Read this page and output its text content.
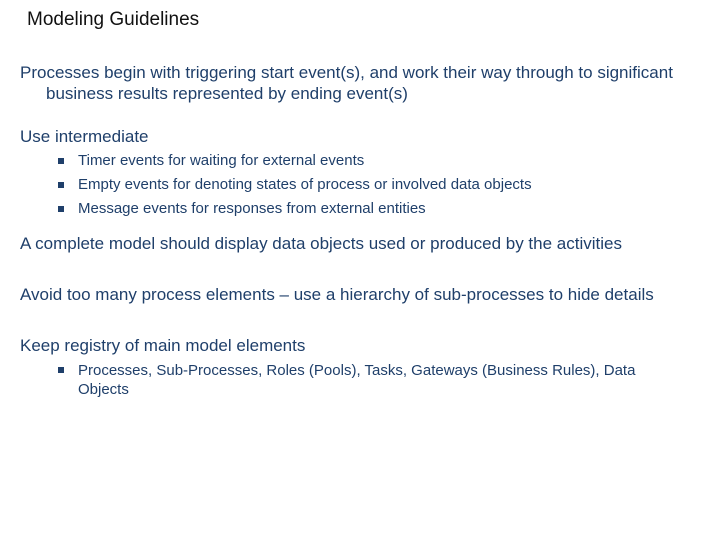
Modeling Guidelines
Processes begin with triggering start event(s), and work their way through to significant business results represented by ending event(s)
Use intermediate
Timer events for waiting for external events
Empty events for denoting states of process or involved data objects
Message events for responses from external entities
A complete model should display data objects used or produced by the activities
Avoid too many process elements – use a hierarchy of sub-processes to hide details
Keep registry of main model elements
Processes, Sub-Processes, Roles (Pools), Tasks, Gateways (Business Rules), Data Objects
